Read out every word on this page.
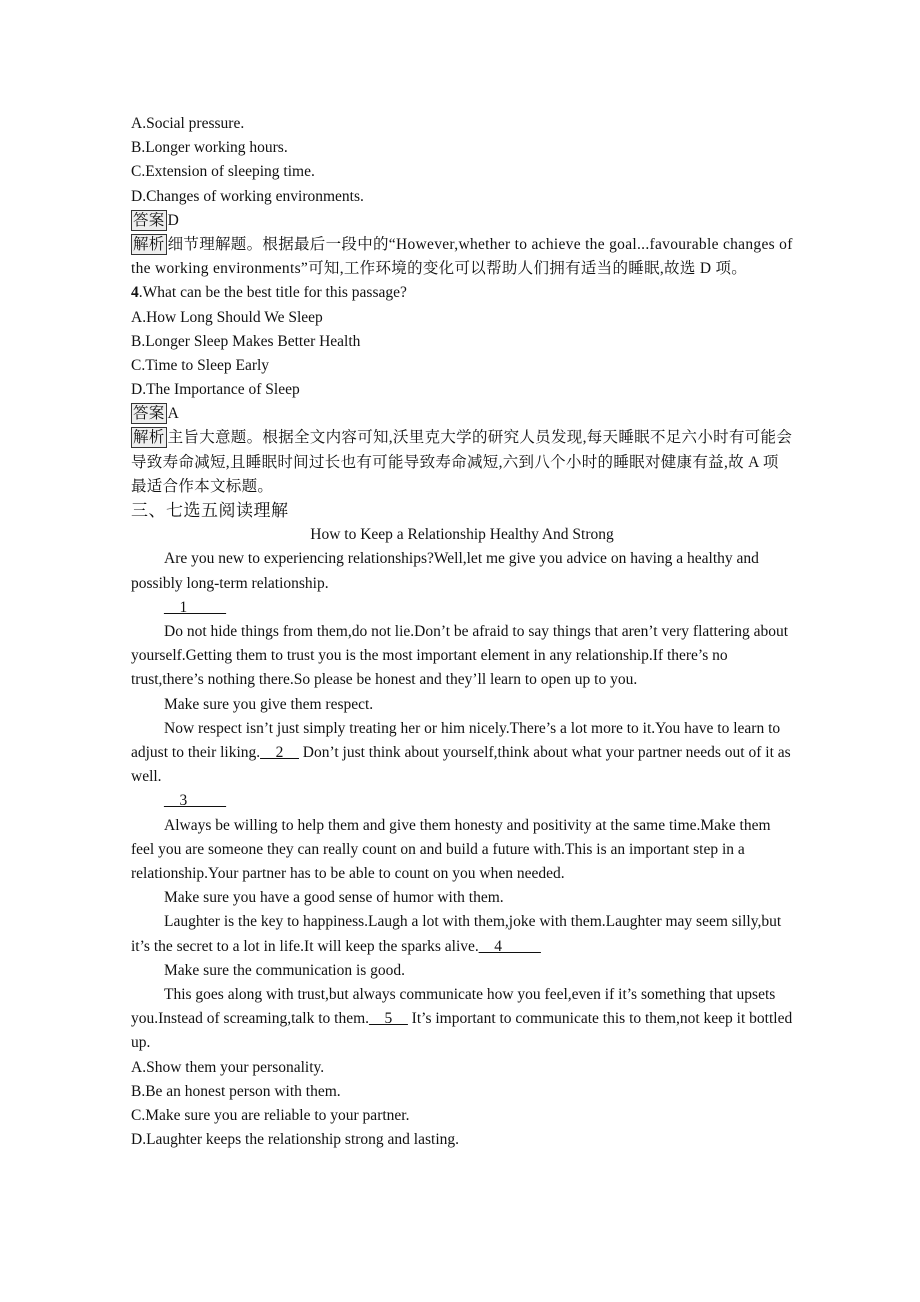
A.Social pressure.
B.Longer working hours.
C.Extension of sleeping time.
D.Changes of working environments.
答案 D
解析 细节理解题。根据最后一段中的“However,whether to achieve the goal...favourable changes of the working environments”可知,工作环境的变化可以帮助人们拥有适当的睡眠,故选 D 项。
4.What can be the best title for this passage?
A.How Long Should We Sleep
B.Longer Sleep Makes Better Health
C.Time to Sleep Early
D.The Importance of Sleep
答案 A
解析 主旨大意题。根据全文内容可知,沃里克大学的研究人员发现,每天睡眠不足六小时有可能会导致寿命减短,且睡眠时间过长也有可能导致寿命减短,六到八个小时的睡眠对健康有益,故 A 项最适合作本文标题。
三、七选五阅读理解
How to Keep a Relationship Healthy And Strong
Are you new to experiencing relationships?Well,let me give you advice on having a healthy and possibly long-term relationship.
__1_____
Do not hide things from them,do not lie.Don’t be afraid to say things that aren’t very flattering about yourself.Getting them to trust you is the most important element in any relationship.If there’s no trust,there’s nothing there.So please be honest and they’ll learn to open up to you.
Make sure you give them respect.
Now respect isn’t just simply treating her or him nicely.There’s a lot more to it.You have to learn to adjust to their liking.__2__ Don’t just think about yourself,think about what your partner needs out of it as well.
__3_____
Always be willing to help them and give them honesty and positivity at the same time.Make them feel you are someone they can really count on and build a future with.This is an important step in a relationship.Your partner has to be able to count on you when needed.
Make sure you have a good sense of humor with them.
Laughter is the key to happiness.Laugh a lot with them,joke with them.Laughter may seem silly,but it’s the secret to a lot in life.It will keep the sparks alive.__4_____
Make sure the communication is good.
This goes along with trust,but always communicate how you feel,even if it’s something that upsets you.Instead of screaming,talk to them.__5__ It’s important to communicate this to them,not keep it bottled up.
A.Show them your personality.
B.Be an honest person with them.
C.Make sure you are reliable to your partner.
D.Laughter keeps the relationship strong and lasting.
